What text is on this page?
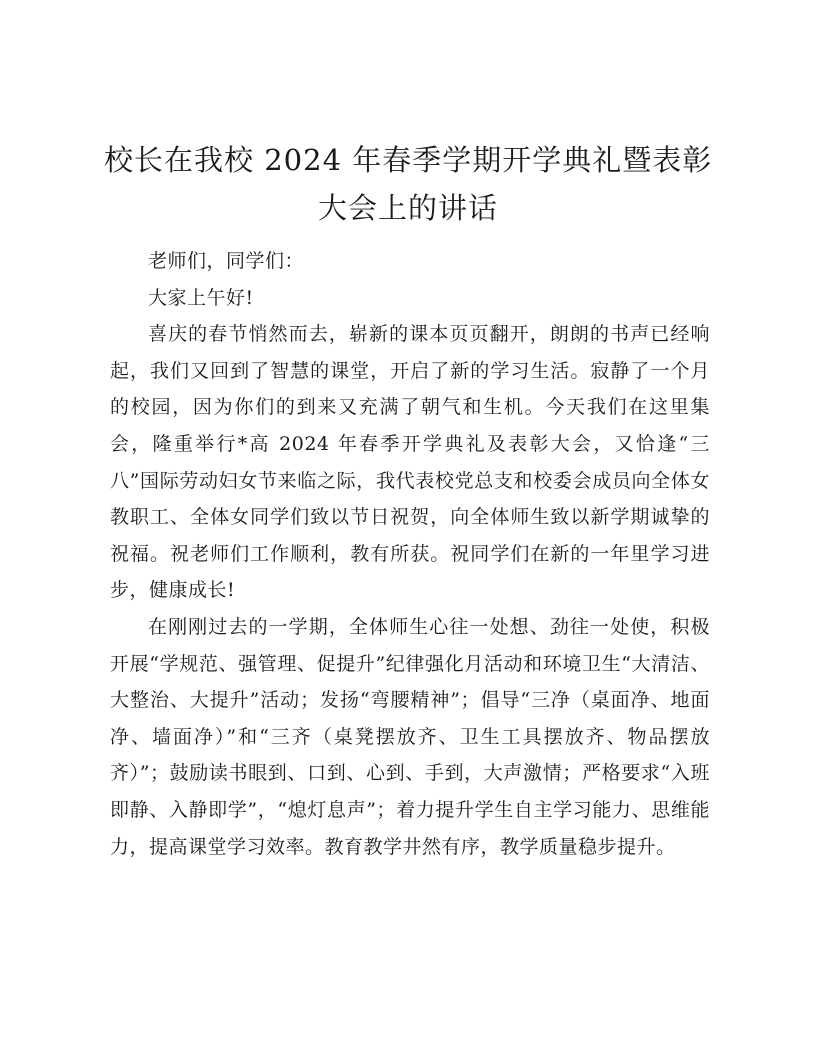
校长在我校 2024 年春季学期开学典礼暨表彰
大会上的讲话

老师们，同学们：

大家上午好!

喜庆的春节悄然而去，崭新的课本页页翻开，朗朗的书声已经响起，我们又回到了智慧的课堂，开启了新的学习生活。寂静了一个月的校园，因为你们的到来又充满了朝气和生机。今天我们在这里集会，隆重举行*高 2024 年春季开学典礼及表彰大会，又恰逢“三八”国际劳动妇女节来临之际，我代表校党总支和校委会成员向全体女教职工、全体女同学们致以节日祝贺，向全体师生致以新学期诚挚的祝福。祝老师们工作顺利，教有所获。祝同学们在新的一年里学习进步，健康成长!

在刚刚过去的一学期，全体师生心往一处想、劲往一处使，积极开展“学规范、强管理、促提升”纪律强化月活动和环境卫生“大清洁、大整治、大提升”活动；发扬“弯腰精神”；倡导“三净（桌面净、地面净、墙面净）”和“三齐（桌凳摆放齐、卫生工具摆放齐、物品摆放齐）”；鼓励读书眼到、口到、心到、手到，大声激情；严格要求“入班即静、入静即学”，“熄灯息声”；着力提升学生自主学习能力、思维能力，提高课堂学习效率。教育教学井然有序，教学质量稳步提升。
